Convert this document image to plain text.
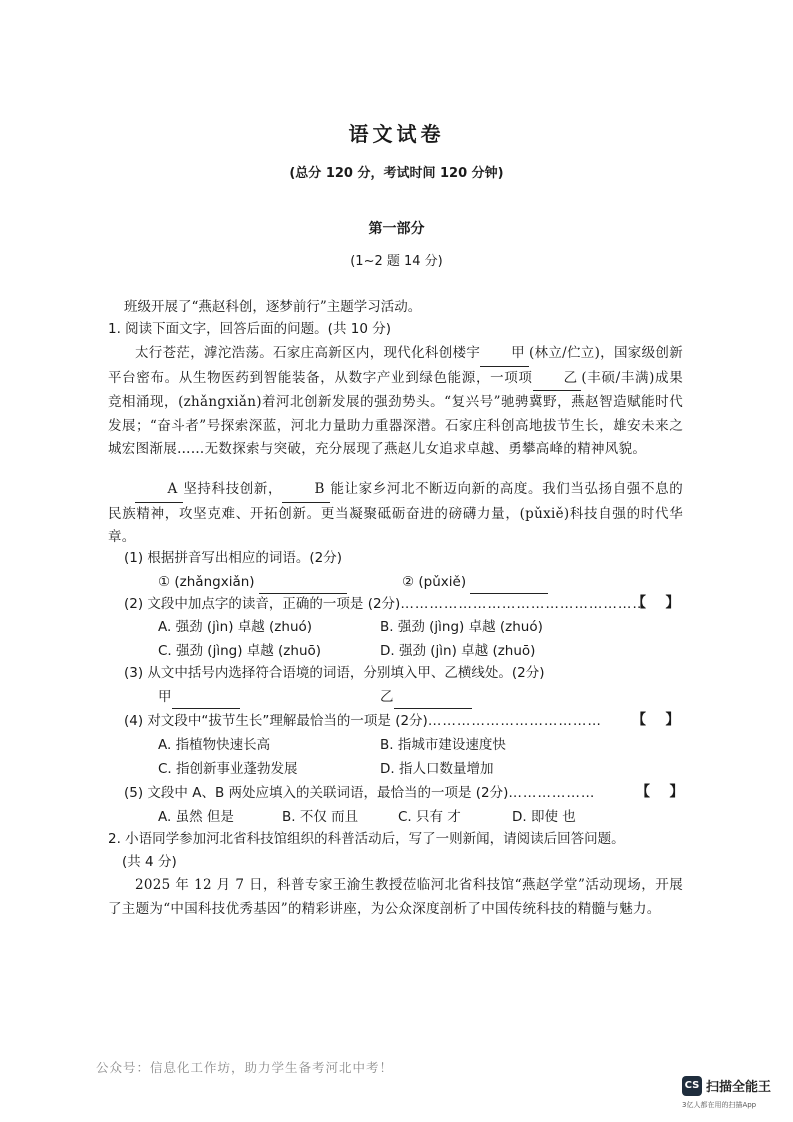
语文试卷
(总分 120 分，考试时间 120 分钟)
第一部分
(1~2 题 14 分)
班级开展了“燕赵科创，逐梦前行”主题学习活动。
1. 阅读下面文字，回答后面的问题。(共 10 分)
太行苍茫，滹沱浩荡。石家庄高新区内，现代化科创楼宇 甲 (林立/伫立)，国家级创新平台密布。从生物医药到智能装备，从数字产业到绿色能源，一项项 乙 (丰硕/丰满)成果竞相涌现，(zhǎngxiǎn)着河北创新发展的强劲势头。“复兴号”驰骋冀野，燕赵智造赋能时代发展；“奋斗者”号探索深蓝，河北力量助力重器深潜。石家庄科创高地拔节生长，雄安未来之城宏图渐展……无数探索与突破，充分展现了燕赵儿女追求卓越、勇攀高峰的精神风貌。
A 坚持科技创新， B 能让家乡河北不断迈向新的高度。我们当弘扬自强不息的民族精神，攻坚克难、开拓创新。更当凝聚砥砺奋进的磅礴力量，(pǔxiě)科技自强的时代华章。
(1) 根据拼音写出相应的词语。(2分)
① (zhǎngxiǎn)	② (pǔxiě)
(2) 文段中加点字的读音，正确的一项是 (2分)……………………………………………
【    】
A. 强劲 (jìn) 卓越 (zhuó)	B. 强劲 (jìng) 卓越 (zhuó)
C. 强劲 (jìng) 卓越 (zhuō)	D. 强劲 (jìn) 卓越 (zhuō)
(3) 从文中括号内选择符合语境的词语，分别填入甲、乙横线处。(2分)
甲	乙
(4) 对文段中“拔节生长”理解最恰当的一项是 (2分)……………………………… 【    】
A. 指植物快速长高	B. 指城市建设速度快
C. 指创新事业蓬勃发展	D. 指人口数量增加
(5) 文段中 A、B 两处应填入的关联词语，最恰当的一项是 (2分)………………	【    】
A. 虽然 但是	B. 不仅 而且	C. 只有 才	D. 即使 也
2. 小语同学参加河北省科技馆组织的科普活动后，写了一则新闻，请阅读后回答问题。
(共 4 分)
2025 年 12 月 7 日，科普专家王渝生教授莅临河北省科技馆“燕赵学堂”活动现场，开展了主题为“中国科技优秀基因”的精彩讲座，为公众深度剖析了中国传统科技的精髓与魅力。
公众号：信息化工作坊，助力学生备考河北中考！
CS 扫描全能王
3亿人都在用的扫描App
